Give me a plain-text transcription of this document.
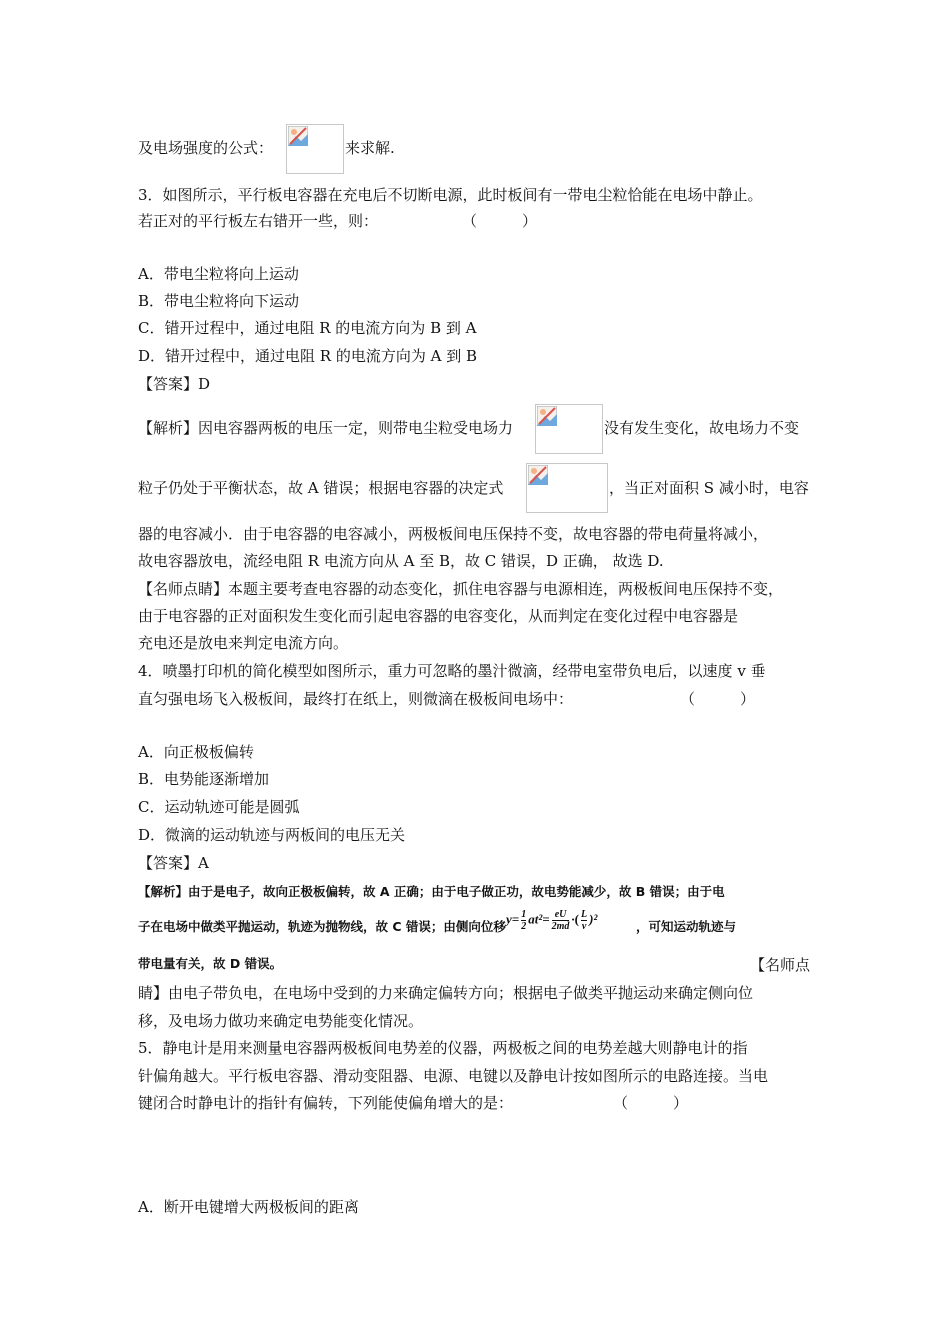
及电场强度的公式：	来求解.
3．如图所示，平行板电容器在充电后不切断电源，此时板间有一带电尘粒恰能在电场中静止。
若正对的平行板左右错开一些，则：	（　　　）
A．带电尘粒将向上运动
B．带电尘粒将向下运动
C．错开过程中，通过电阻 R 的电流方向为 B 到 A
D．错开过程中，通过电阻 R 的电流方向为 A 到 B
【答案】D
【解析】因电容器两板的电压一定，则带电尘粒受电场力	没有发生变化，故电场力不变
粒子仍处于平衡状态，故 A 错误；根据电容器的决定式	，当正对面积 S 减小时，电容
器的电容减小．由于电容器的电容减小，两极板间电压保持不变，故电容器的带电荷量将减小，
故电容器放电，流经电阻 R 电流方向从 A 至 B，故 C 错误，D 正确， 故选 D.
【名师点睛】本题主要考查电容器的动态变化，抓住电容器与电源相连，两极板间电压保持不变，
由于电容器的正对面积发生变化而引起电容器的电容变化，从而判定在变化过程中电容器是
充电还是放电来判定电流方向。
4．喷墨打印机的简化模型如图所示，重力可忽略的墨汁微滴，经带电室带负电后，以速度 v 垂
直匀强电场飞入极板间，最终打在纸上，则微滴在极板间电场中：	（　　　）
A．向正极板偏转
B．电势能逐渐增加
C．运动轨迹可能是圆弧
D．微滴的运动轨迹与两板间的电压无关
【答案】A
【解析】由于是电子，故向正极板偏转，故 A 正确；由于电子做正功，故电势能减少，故 B 错误；由于电
子在电场中做类平抛运动，轨迹为抛物线，故 C 错误；由侧向位移
$y= \frac{1}{2} at^2= \frac{eU}{2md}$ ·( $\frac{L}{v} )^2$
，可知运动轨迹与
带电量有关，故 D 错误。	【名师点
睛】由电子带负电，在电场中受到的力来确定偏转方向；根据电子做类平抛运动来确定侧向位
移，及电场力做功来确定电势能变化情况。
5．静电计是用来测量电容器两极板间电势差的仪器，两极板之间的电势差越大则静电计的指
针偏角越大。平行板电容器、滑动变阻器、电源、电键以及静电计按如图所示的电路连接。当电
键闭合时静电计的指针有偏转，下列能使偏角增大的是：	（　　　）
A．断开电键增大两极板间的距离
